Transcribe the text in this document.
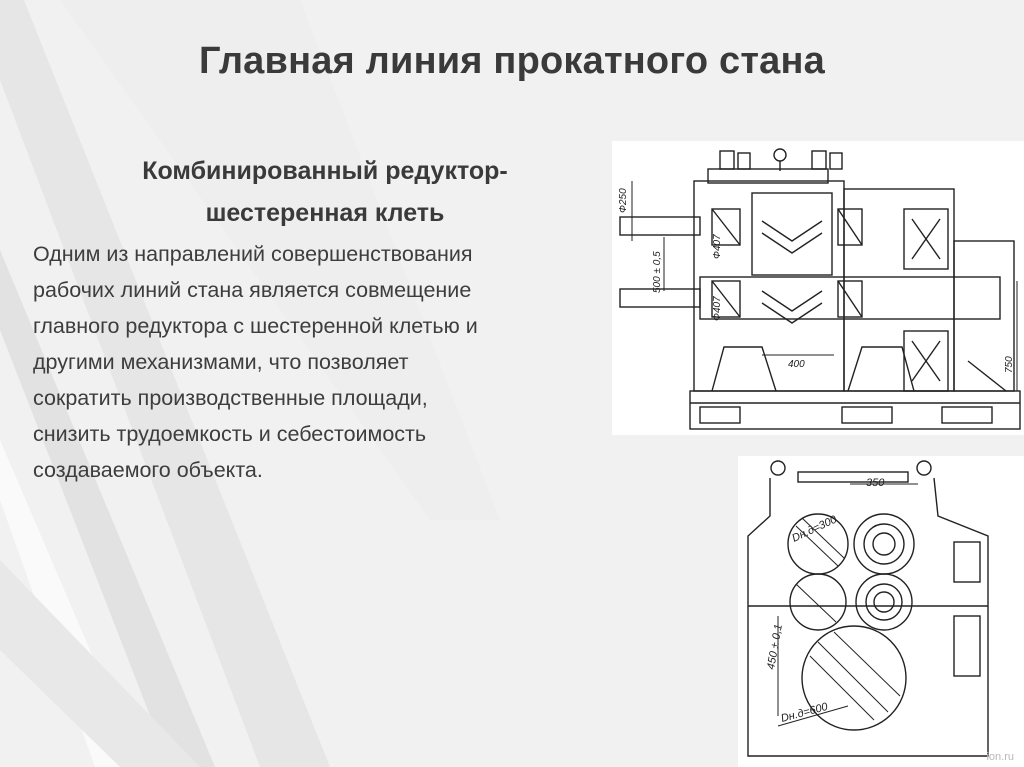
Главная линия прокатного стана
Комбинированный редуктор-
шестеренная клеть
Одним из направлений совершенствования
рабочих линий стана является совмещение
главного редуктора с шестеренной клетью и
другими механизмами, что позволяет
сократить производственные площади,
снизить трудоемкость и себестоимость
создаваемого объекта.
Ф250
Ф407
Ф407
500 ± 0,5
400	750
350
Dн.д=300
450 ± 0,1
Dн.д=600
ion.ru
